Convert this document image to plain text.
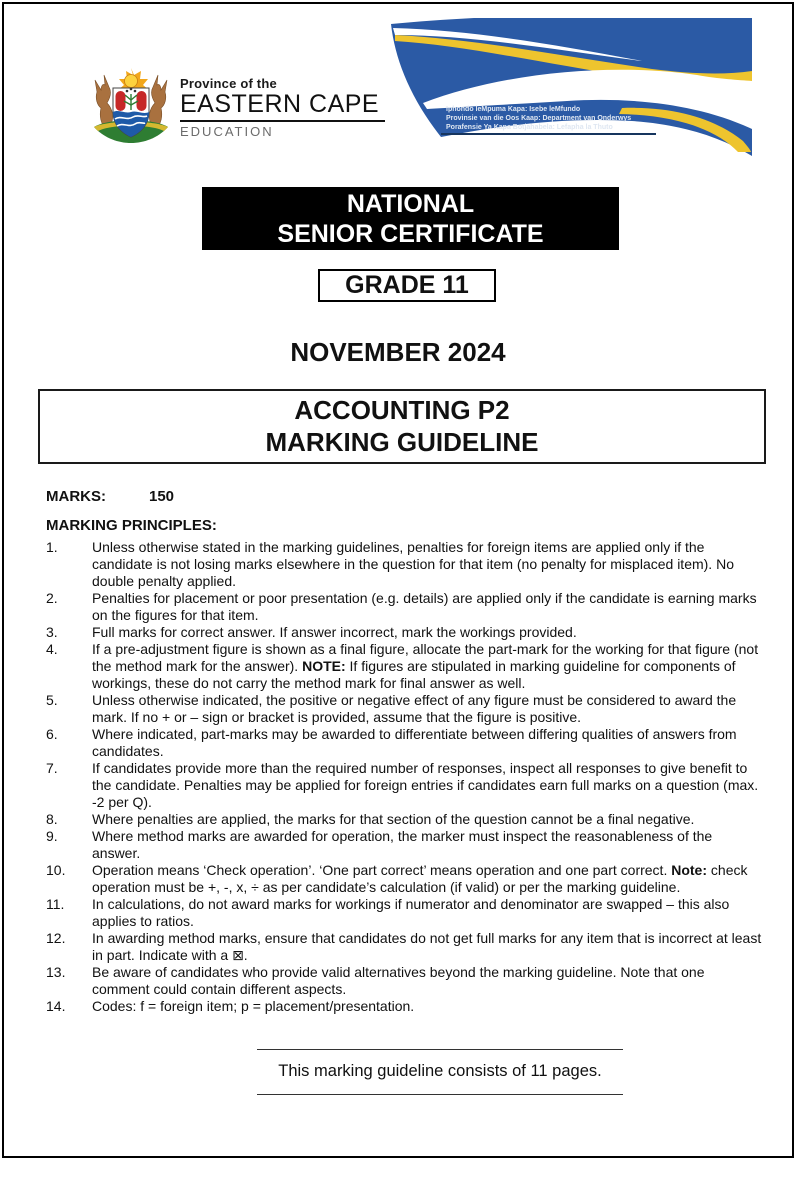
Province of the
EASTERN CAPE
EDUCATION
Iphondo leMpuma Kapa: Isebe leMfundo
Provinsie van die Oos Kaap: Department van Onderwys
Porafensie Ya Kapa Botjahabela: Lefapha la Thuto
NATIONAL
SENIOR CERTIFICATE
GRADE 11
NOVEMBER 2024
ACCOUNTING P2
MARKING GUIDELINE
MARKS:	150
MARKING PRINCIPLES:
1.	Unless otherwise stated in the marking guidelines, penalties for foreign items are applied only if the candidate is not losing marks elsewhere in the question for that item (no penalty for misplaced item). No double penalty applied.
2.	Penalties for placement or poor presentation (e.g. details) are applied only if the candidate is earning marks on the figures for that item.
3.	Full marks for correct answer. If answer incorrect, mark the workings provided.
4.	If a pre-adjustment figure is shown as a final figure, allocate the part-mark for the working for that figure (not the method mark for the answer). NOTE: If figures are stipulated in marking guideline for components of workings, these do not carry the method mark for final answer as well.
5.	Unless otherwise indicated, the positive or negative effect of any figure must be considered to award the mark. If no + or – sign or bracket is provided, assume that the figure is positive.
6.	Where indicated, part-marks may be awarded to differentiate between differing qualities of answers from candidates.
7.	If candidates provide more than the required number of responses, inspect all responses to give benefit to the candidate. Penalties may be applied for foreign entries if candidates earn full marks on a question (max. -2 per Q).
8.	Where penalties are applied, the marks for that section of the question cannot be a final negative.
9.	Where method marks are awarded for operation, the marker must inspect the reasonableness of the answer.
10.	Operation means ‘Check operation’. ‘One part correct’ means operation and one part correct. Note: check operation must be +, -, x, ÷ as per candidate’s calculation (if valid) or per the marking guideline.
11.	In calculations, do not award marks for workings if numerator and denominator are swapped – this also applies to ratios.
12.	In awarding method marks, ensure that candidates do not get full marks for any item that is incorrect at least in part. Indicate with a ⊠.
13.	Be aware of candidates who provide valid alternatives beyond the marking guideline. Note that one comment could contain different aspects.
14.	Codes: f = foreign item; p = placement/presentation.
This marking guideline consists of 11 pages.
